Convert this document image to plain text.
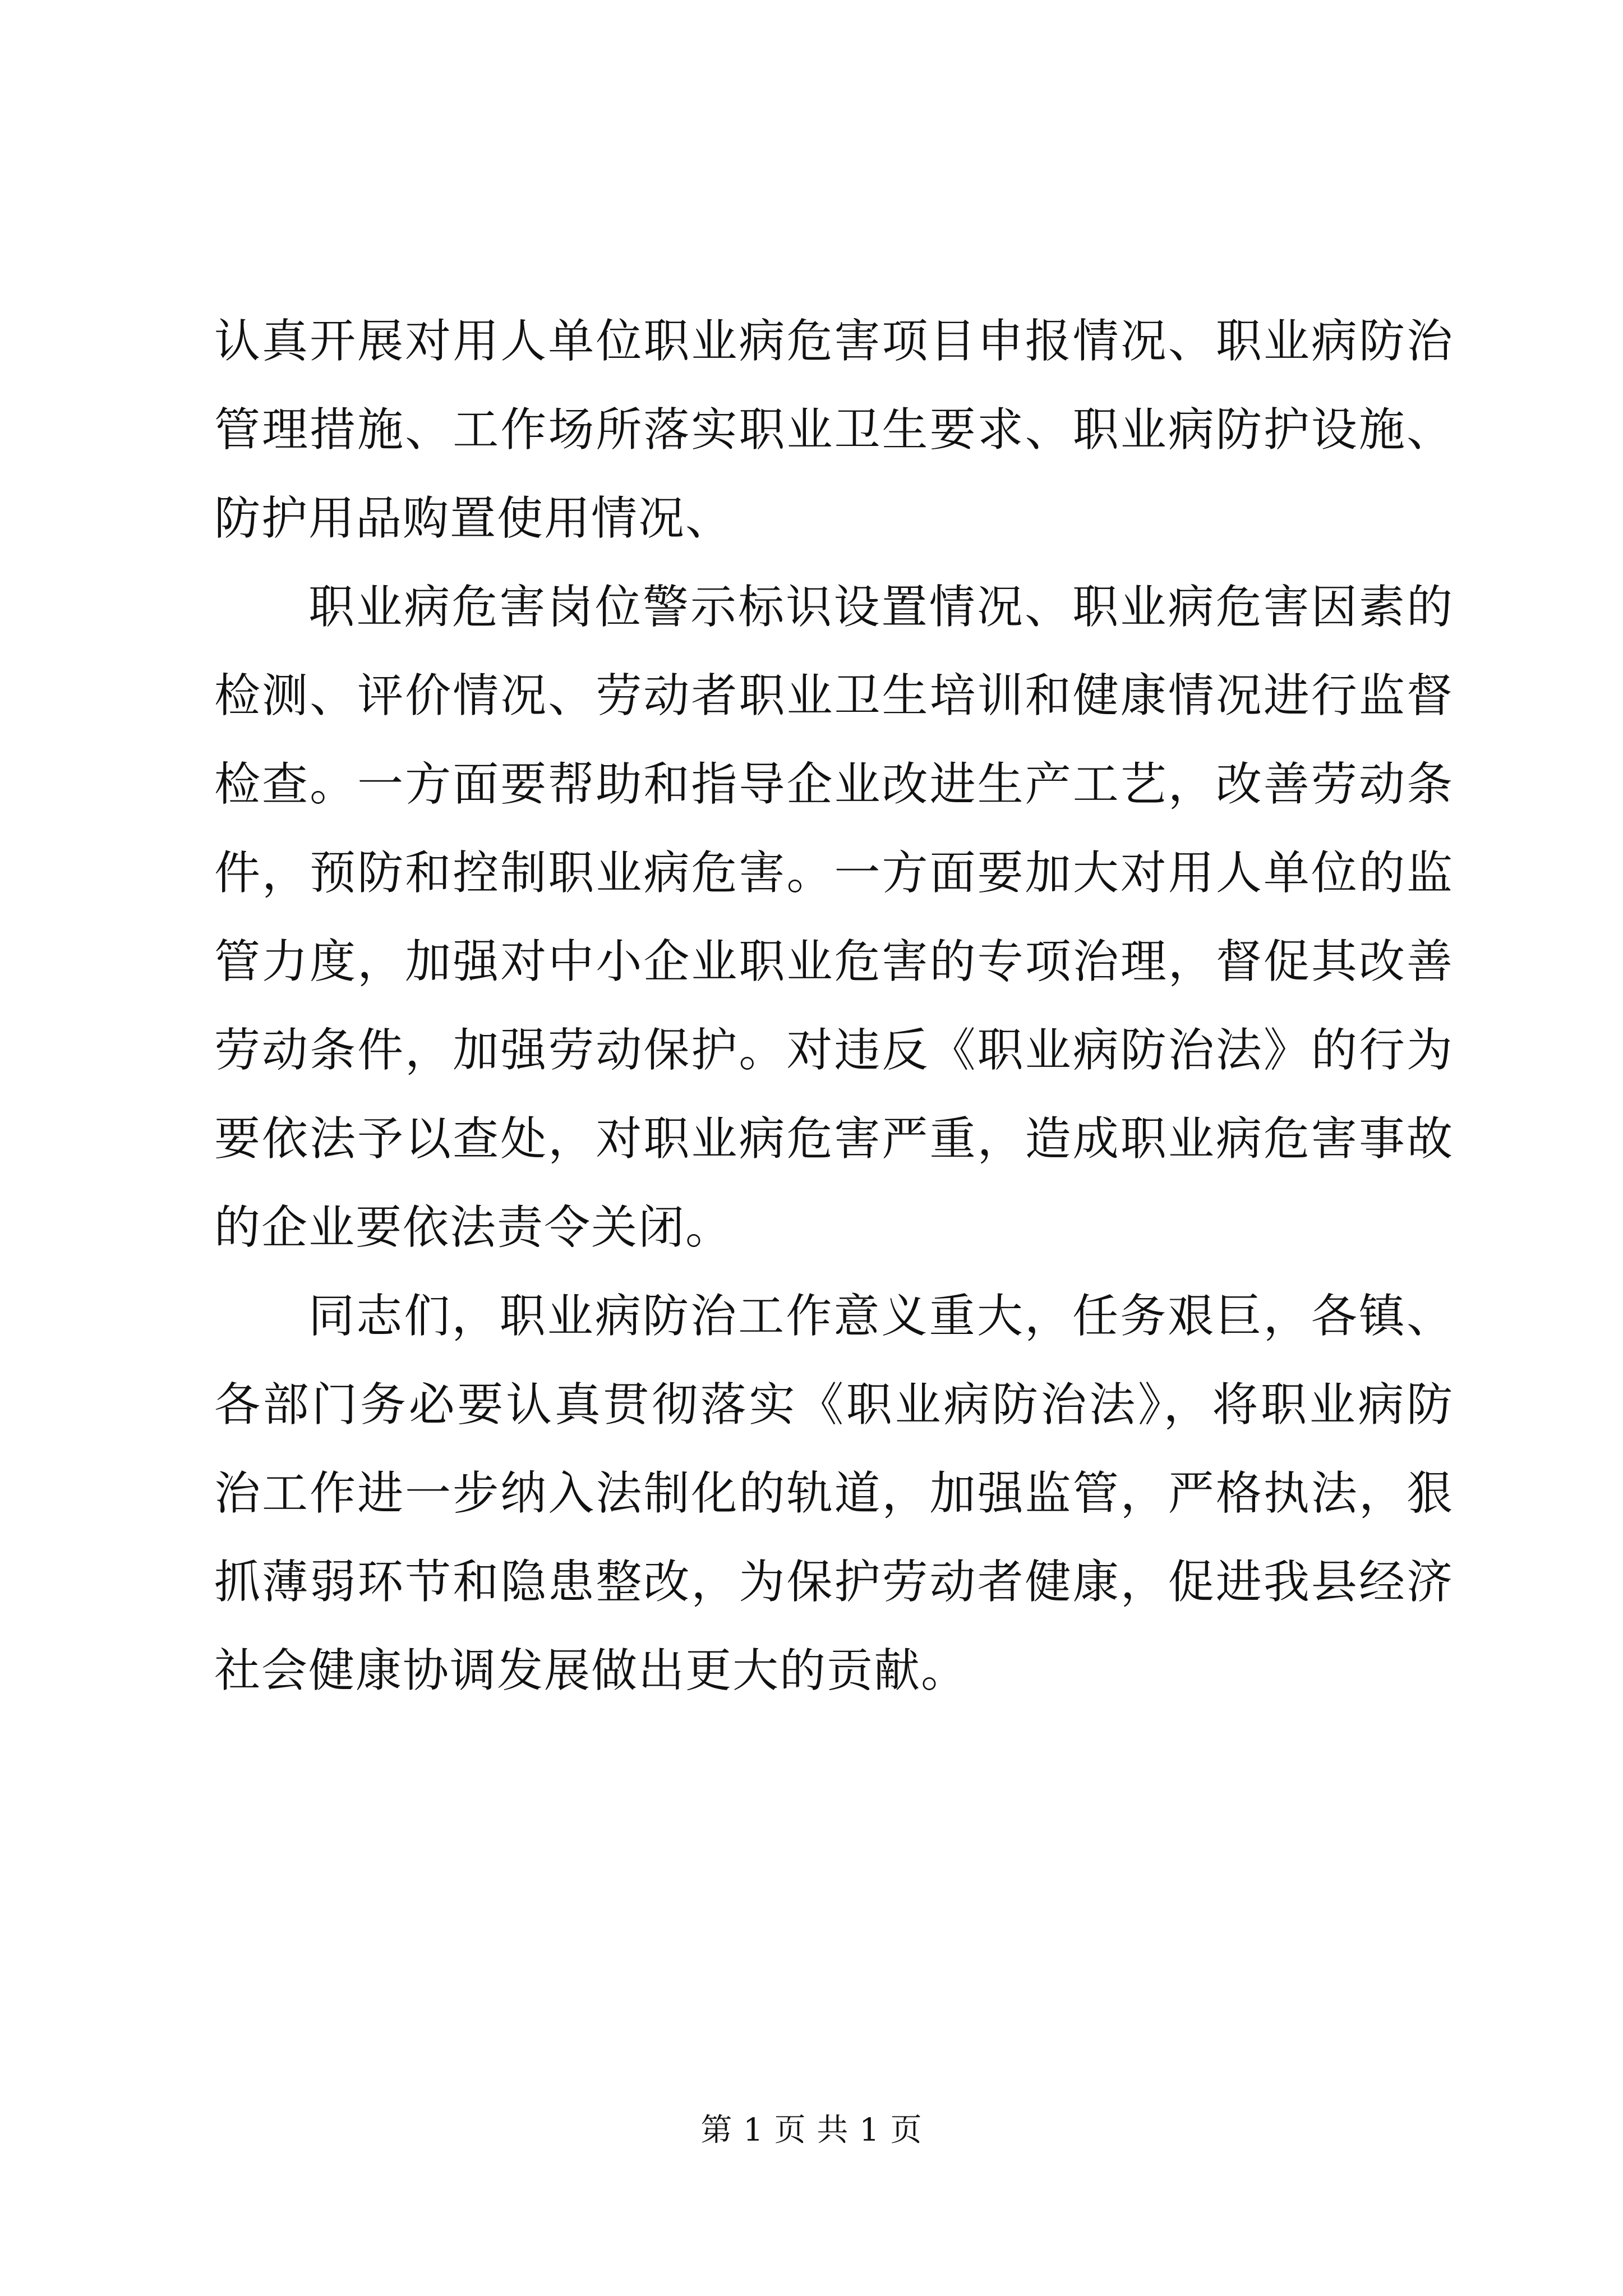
认真开展对用人单位职业病危害项目申报情况、职业病防治管理措施、工作场所落实职业卫生要求、职业病防护设施、防护用品购置使用情况、

职业病危害岗位警示标识设置情况、职业病危害因素的检测、评价情况、劳动者职业卫生培训和健康情况进行监督检查。一方面要帮助和指导企业改进生产工艺，改善劳动条件，预防和控制职业病危害。一方面要加大对用人单位的监管力度，加强对中小企业职业危害的专项治理，督促其改善劳动条件，加强劳动保护。对违反《职业病防治法》的行为要依法予以查处，对职业病危害严重，造成职业病危害事故的企业要依法责令关闭。

同志们，职业病防治工作意义重大，任务艰巨，各镇、各部门务必要认真贯彻落实《职业病防治法》，将职业病防治工作进一步纳入法制化的轨道，加强监管，严格执法，狠抓薄弱环节和隐患整改，为保护劳动者健康，促进我县经济社会健康协调发展做出更大的贡献。

第 1 页 共 1 页
